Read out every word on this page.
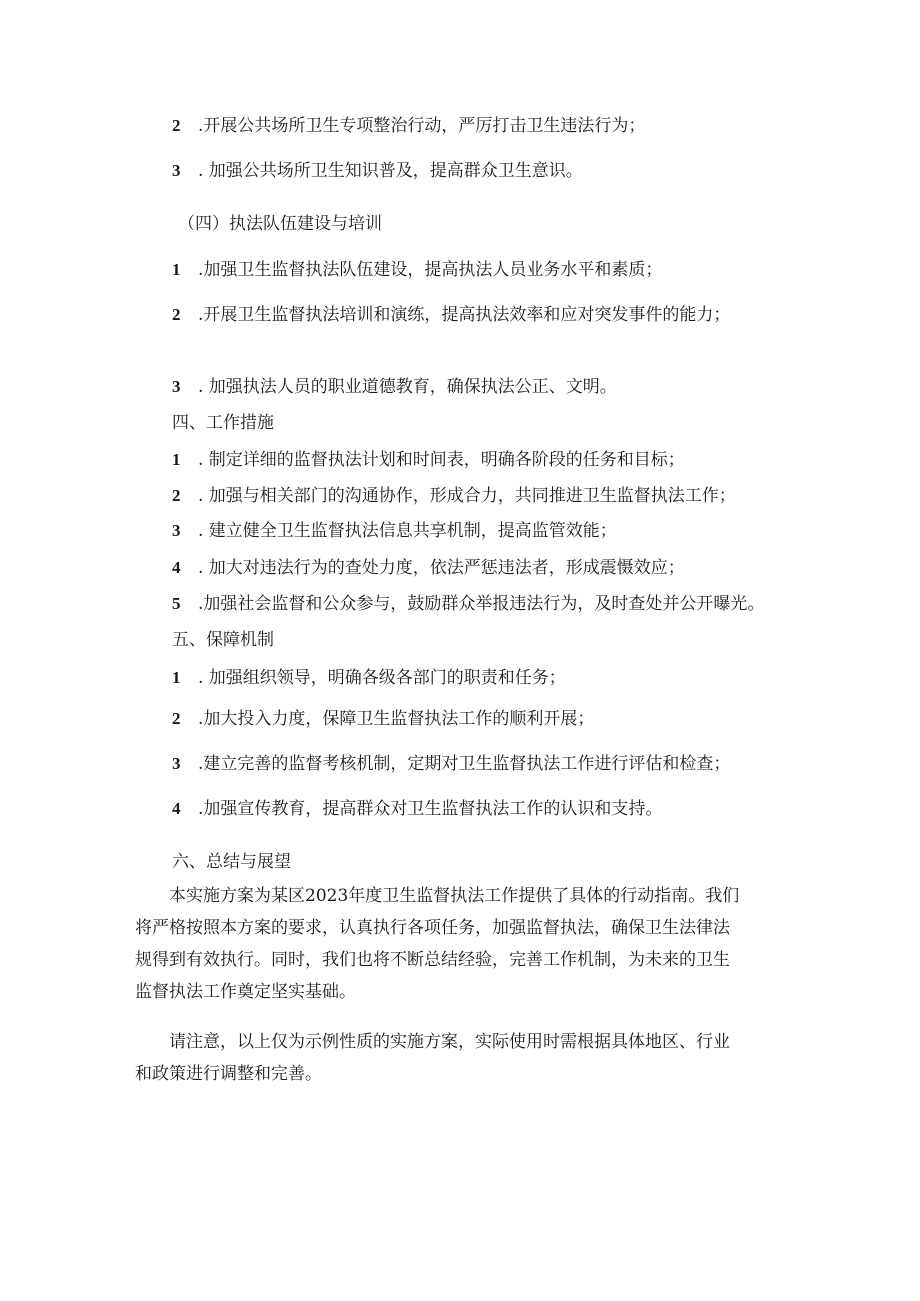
2 .开展公共场所卫生专项整治行动，严厉打击卫生违法行为；
3 . 加强公共场所卫生知识普及，提高群众卫生意识。
（四）执法队伍建设与培训
1 .加强卫生监督执法队伍建设，提高执法人员业务水平和素质；
2 .开展卫生监督执法培训和演练，提高执法效率和应对突发事件的能力；
3 . 加强执法人员的职业道德教育，确保执法公正、文明。
四、工作措施
1 . 制定详细的监督执法计划和时间表，明确各阶段的任务和目标；
2 . 加强与相关部门的沟通协作，形成合力，共同推进卫生监督执法工作；
3 . 建立健全卫生监督执法信息共享机制，提高监管效能；
4 . 加大对违法行为的查处力度，依法严惩违法者，形成震慑效应；
5 .加强社会监督和公众参与，鼓励群众举报违法行为，及时查处并公开曝光。
五、保障机制
1 . 加强组织领导，明确各级各部门的职责和任务；
2 .加大投入力度，保障卫生监督执法工作的顺利开展；
3 .建立完善的监督考核机制，定期对卫生监督执法工作进行评估和检查；
4 .加强宣传教育，提高群众对卫生监督执法工作的认识和支持。
六、总结与展望
本实施方案为某区2023年度卫生监督执法工作提供了具体的行动指南。我们
将严格按照本方案的要求，认真执行各项任务，加强监督执法，确保卫生法律法
规得到有效执行。同时，我们也将不断总结经验，完善工作机制，为未来的卫生
监督执法工作奠定坚实基础。
请注意，以上仅为示例性质的实施方案，实际使用时需根据具体地区、行业
和政策进行调整和完善。
